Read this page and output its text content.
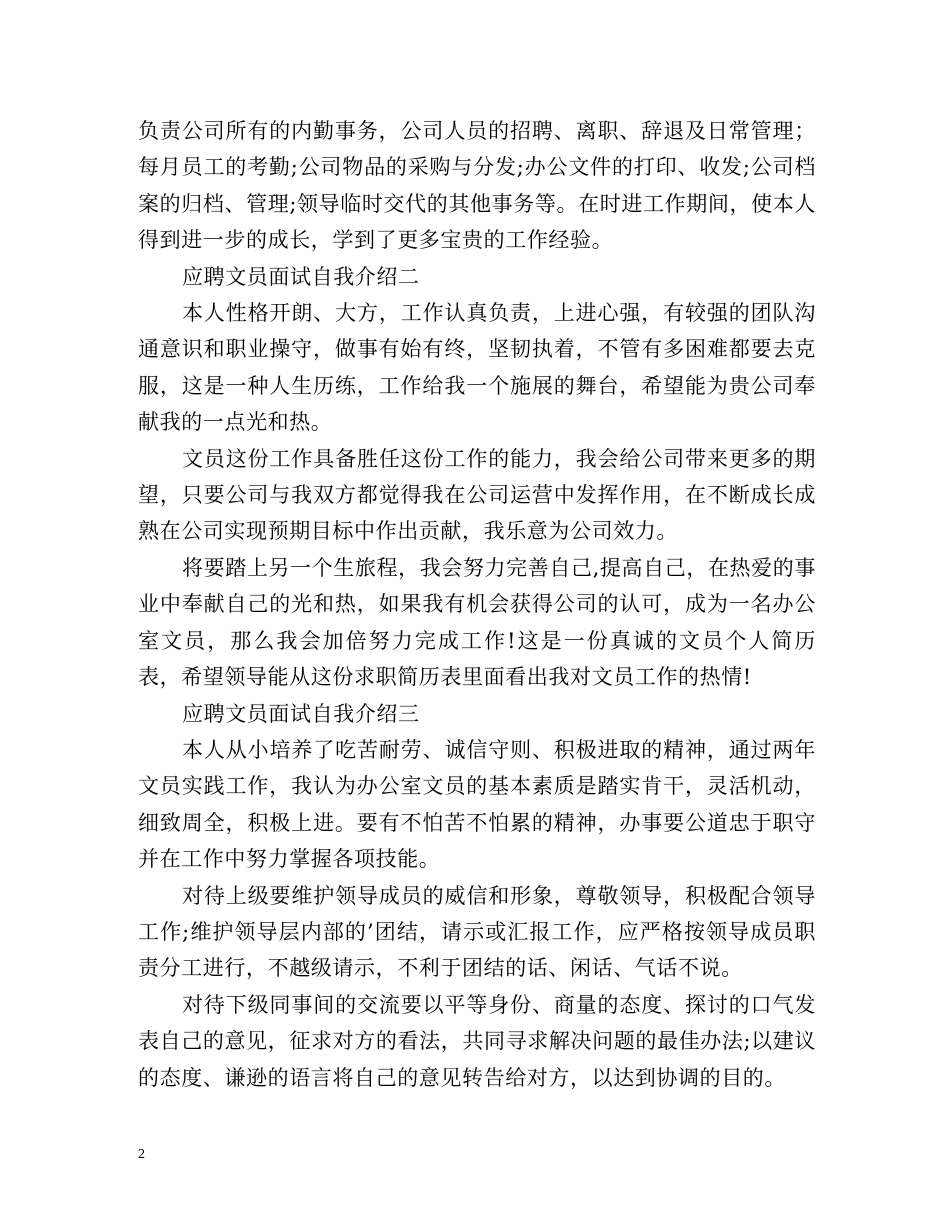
负责公司所有的内勤事务，公司人员的招聘、离职、辞退及日常管理；每月员工的考勤;公司物品的采购与分发;办公文件的打印、收发;公司档案的归档、管理;领导临时交代的其他事务等。在时进工作期间，使本人得到进一步的成长，学到了更多宝贵的工作经验。

应聘文员面试自我介绍二

本人性格开朗、大方，工作认真负责，上进心强，有较强的团队沟通意识和职业操守，做事有始有终，坚韧执着，不管有多困难都要去克服，这是一种人生历练，工作给我一个施展的舞台，希望能为贵公司奉献我的一点光和热。

文员这份工作具备胜任这份工作的能力，我会给公司带来更多的期望，只要公司与我双方都觉得我在公司运营中发挥作用，在不断成长成熟在公司实现预期目标中作出贡献，我乐意为公司效力。

将要踏上另一个生旅程，我会努力完善自己,提高自己，在热爱的事业中奉献自己的光和热，如果我有机会获得公司的认可，成为一名办公室文员，那么我会加倍努力完成工作!这是一份真诚的文员个人简历表，希望领导能从这份求职简历表里面看出我对文员工作的热情!

应聘文员面试自我介绍三

本人从小培养了吃苦耐劳、诚信守则、积极进取的精神，通过两年文员实践工作，我认为办公室文员的基本素质是踏实肯干，灵活机动，细致周全，积极上进。要有不怕苦不怕累的精神，办事要公道忠于职守并在工作中努力掌握各项技能。

对待上级要维护领导成员的威信和形象，尊敬领导，积极配合领导工作;维护领导层内部的’团结，请示或汇报工作，应严格按领导成员职责分工进行，不越级请示，不利于团结的话、闲话、气话不说。

对待下级同事间的交流要以平等身份、商量的态度、探讨的口气发表自己的意见，征求对方的看法，共同寻求解决问题的最佳办法;以建议的态度、谦逊的语言将自己的意见转告给对方，以达到协调的目的。

2
